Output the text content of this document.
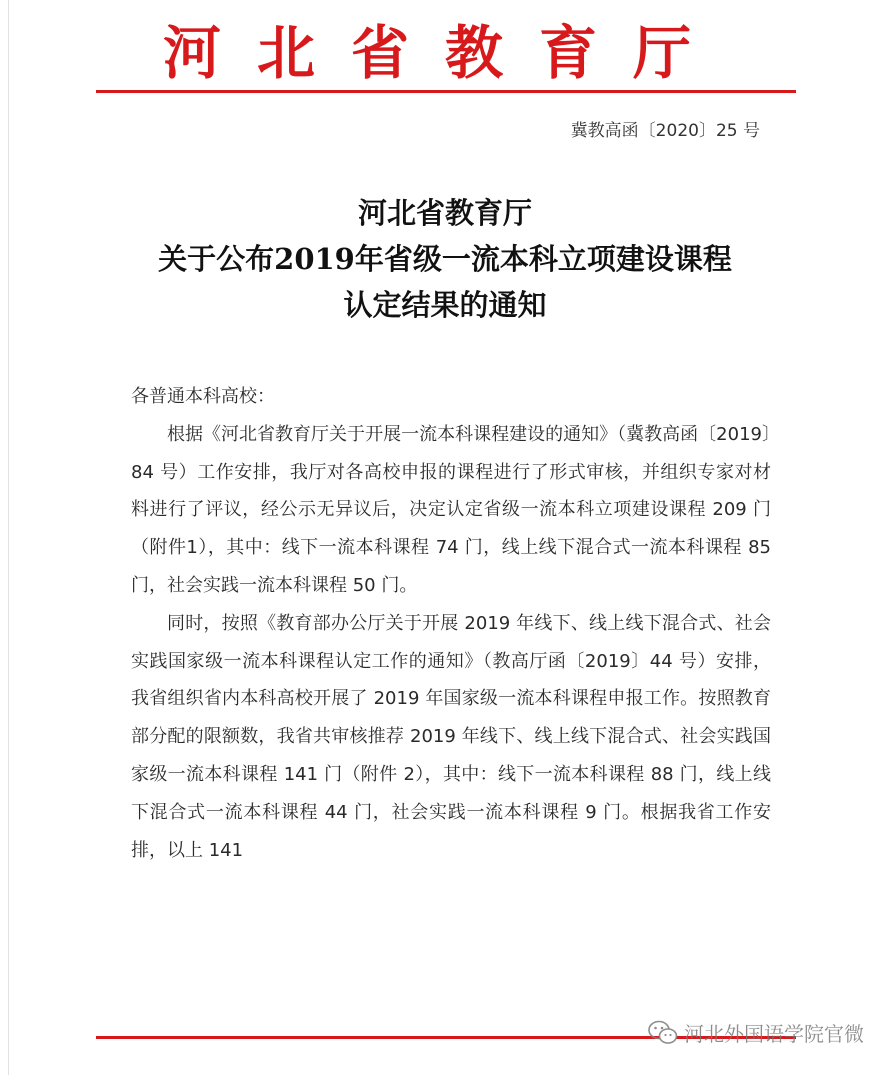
河北省教育厅
冀教高函〔2020〕25 号
河北省教育厅
关于公布2019年省级一流本科立项建设课程
认定结果的通知

各普通本科高校：

根据《河北省教育厅关于开展一流本科课程建设的通知》（冀教高函〔2019〕84 号）工作安排，我厅对各高校申报的课程进行了形式审核，并组织专家对材料进行了评议，经公示无异议后，决定认定省级一流本科立项建设课程 209 门（附件1），其中：线下一流本科课程 74 门，线上线下混合式一流本科课程 85 门，社会实践一流本科课程 50 门。

同时，按照《教育部办公厅关于开展 2019 年线下、线上线下混合式、社会实践国家级一流本科课程认定工作的通知》（教高厅函〔2019〕44 号）安排，我省组织省内本科高校开展了 2019 年国家级一流本科课程申报工作。按照教育部分配的限额数，我省共审核推荐 2019 年线下、线上线下混合式、社会实践国家级一流本科课程 141 门（附件 2），其中：线下一流本科课程 88 门，线上线下混合式一流本科课程 44 门，社会实践一流本科课程 9 门。根据我省工作安排，以上 141

河北外国语学院官微
